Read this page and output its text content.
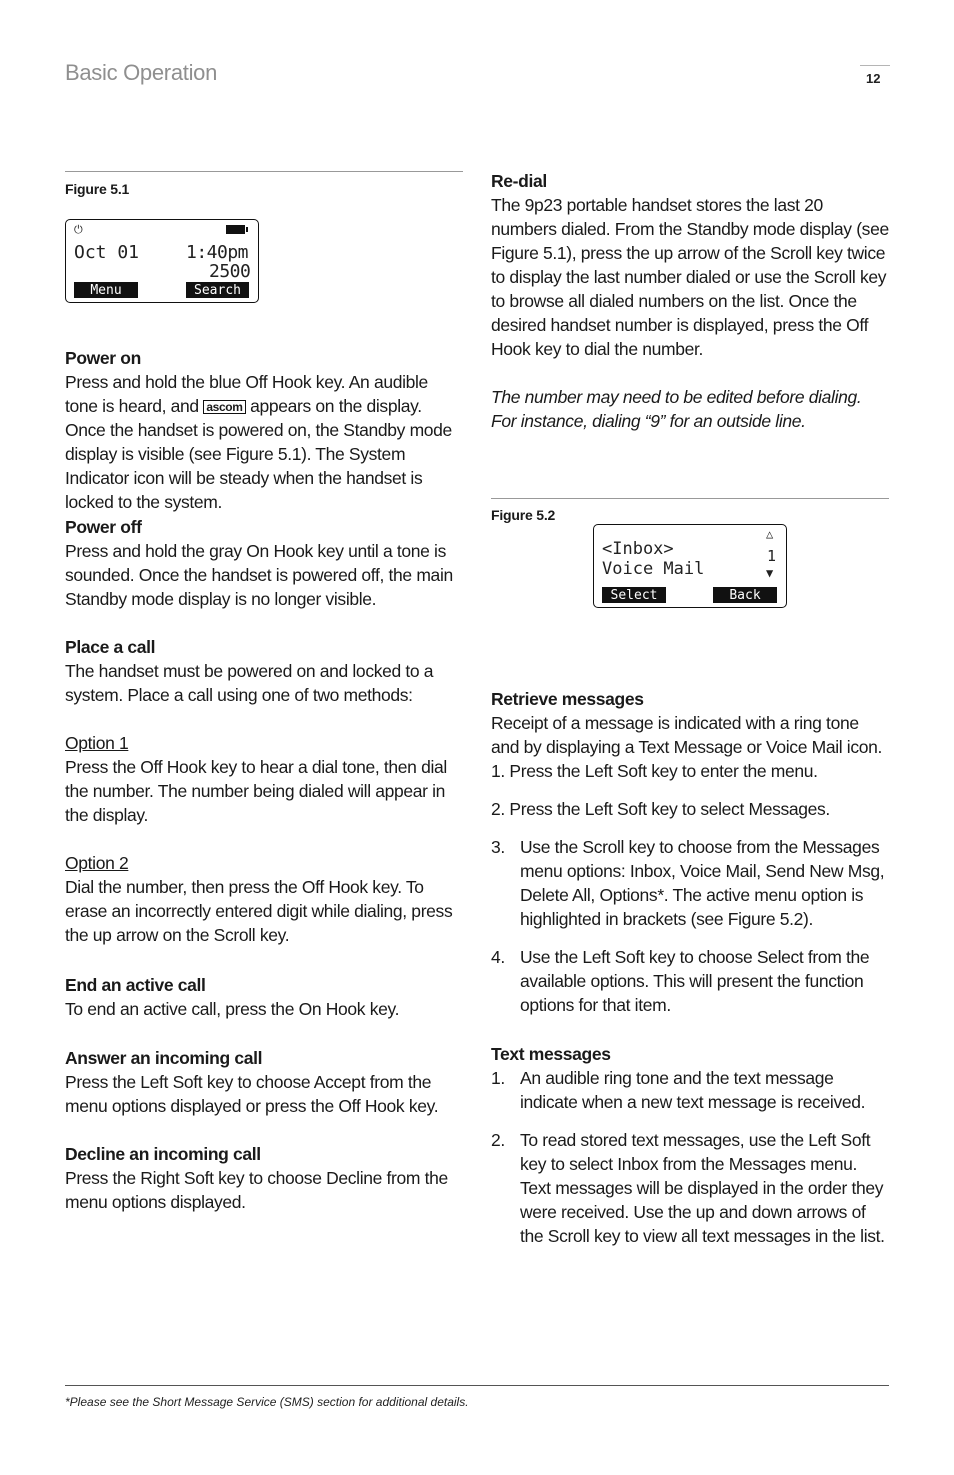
Basic Operation	12
Figure 5.1
⏻
Oct 01	1:40pm
2500
Menu	Search

Power on

Press and hold the blue Off Hook key. An audible tone is heard, and ascom appears on the display. Once the handset is powered on, the Standby mode display is visible (see Figure 5.1). The System Indicator icon will be steady when the handset is locked to the system.

Power off

Press and hold the gray On Hook key until a tone is sounded. Once the handset is powered off, the main Standby mode display is no longer visible.

Place a call

The handset must be powered on and locked to a system. Place a call using one of two methods:

Option 1

Press the Off Hook key to hear a dial tone, then dial the number. The number being dialed will appear in the display.

Option 2

Dial the number, then press the Off Hook key. To erase an incorrectly entered digit while dialing, press the up arrow on the Scroll key.

End an active call

To end an active call, press the On Hook key.

Answer an incoming call

Press the Left Soft key to choose Accept from the menu options displayed or press the Off Hook key.

Decline an incoming call

Press the Right Soft key to choose Decline from the menu options displayed.

Re-dial

The 9p23 portable handset stores the last 20 numbers dialed. From the Standby mode display (see Figure 5.1), press the up arrow of the Scroll key twice to display the last number dialed or use the Scroll key to browse all dialed numbers on the list. Once the desired handset number is displayed, press the Off Hook key to dial the number.

The number may need to be edited before dialing. For instance, dialing “9” for an outside line.

Figure 5.2
<Inbox>
Voice Mail
△
1
▼
Select	Back

Retrieve messages

Receipt of a message is indicated with a ring tone and by displaying a Text Message or Voice Mail icon.

1. Press the Left Soft key to enter the menu.

2. Press the Left Soft key to select Messages.

3. Use the Scroll key to choose from the Messages menu options: Inbox, Voice Mail, Send New Msg, Delete All, Options*. The active menu option is highlighted in brackets (see Figure 5.2).

4. Use the Left Soft key to choose Select from the available options. This will present the function options for that item.

Text messages

1. An audible ring tone and the text message indicate when a new text message is received.

2. To read stored text messages, use the Left Soft key to select Inbox from the Messages menu. Text messages will be displayed in the order they were received. Use the up and down arrows of the Scroll key to view all text messages in the list.

*Please see the Short Message Service (SMS) section for additional details.
